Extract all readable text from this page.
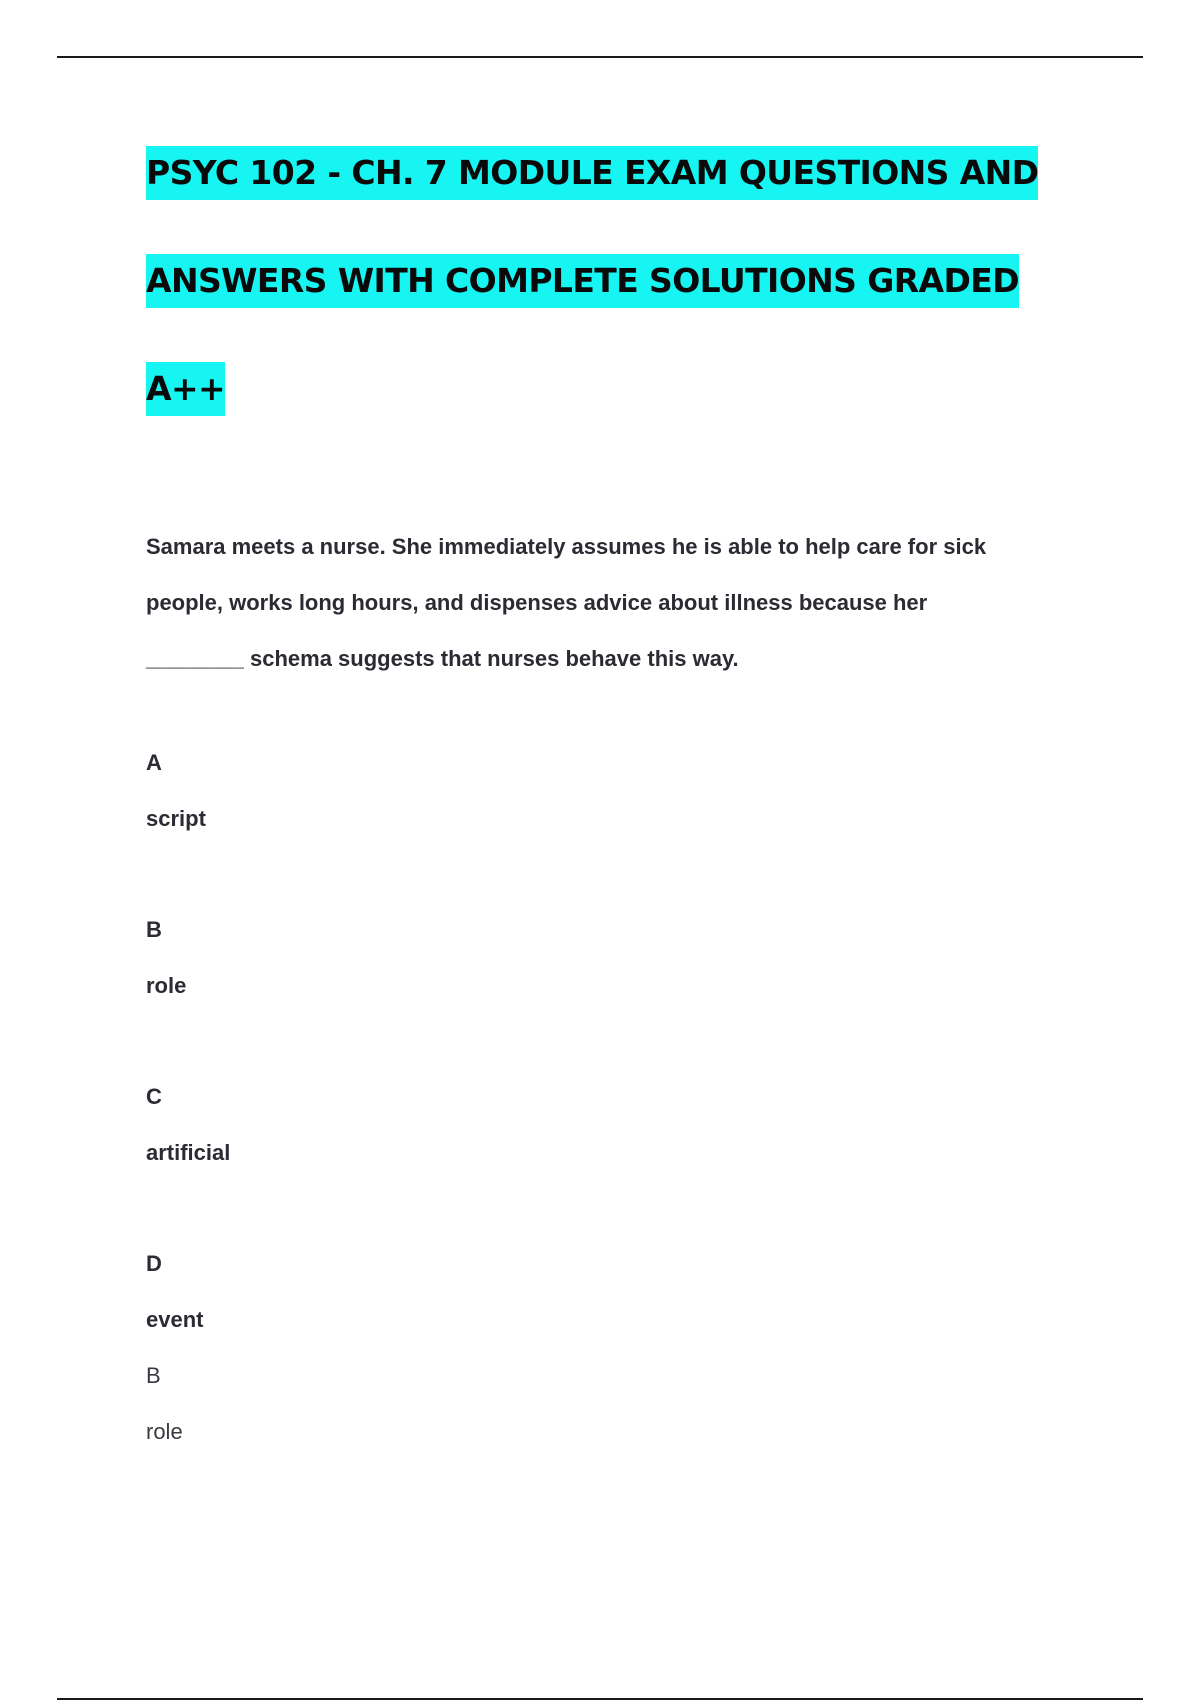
PSYC 102 - CH. 7 MODULE EXAM QUESTIONS AND
ANSWERS WITH COMPLETE SOLUTIONS GRADED
A++
Samara meets a nurse. She immediately assumes he is able to help care for sick
people, works long hours, and dispenses advice about illness because her
________ schema suggests that nurses behave this way.
A
script
B
role
C
artificial
D
event
B
role
